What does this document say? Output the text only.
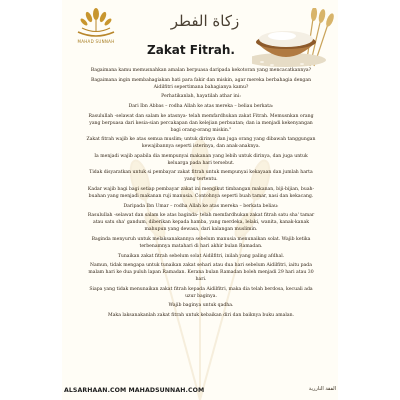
MAHAD SUNNAH
زكاة الفطر
Zakat Fitrah.

Bagaimana kamu memusnahkan amalan berpuasa daripada kekotoran yang mencacatkannya?

Bagaimana ingin membahagiakan hati para fakir dan miskin, agar mereka berbahagia dengan Aidilfitri sepertimana bahagianya kamu?

Perhatikanlah, hayatilah athar ini:

Dari Ibn Abbas – rodha Allah ke atas mereka – beliau berkata:

Rasulullah -selawat dan salam ke atasnya- telah memfardhukan zakat Fitrah. Memusnkan orang yang berpuasa dari kesia-sian percakapan dan kelejian perbuatan; dan ia menjadi kekenyangan bagi orang-orang miskin."

Zakat fitrah wajib ke atas semua muslim; untuk dirinya dan juga orang yang dibawah tanggungan kewajibannya seperti isterinya, dan anak-anaknya.

Ia menjadi wajib apabila dia mempunyai makanan yang lebih untuk dirinya, dan juga untuk keluarga pada hari tersebut.

Tidak disyaratkan untuk si pembayar zakat fitrah untuk mempunyai kekayaan dan jumlah harta yang tertentu.

Kadar wajib bagi bagi setiap pembayar zakat ini mengikut timbangan makanan, biji-bijian, buah-buahan yang menjadi makanan ruji manusia. Contohnya seperti buah tamar, nasi dan kekacang.

Daripada Ibn Umar – rodha Allah ke atas mereka – berkata beliau:

Rasulullah -selawat dan salam ke atas baginda- telah memfardhukan zakat fitrah satu sha' tamar atau satu sha' gandum, diberikan kepada hamba, yang merdeka, lelaki, wanita, kanak-kanak mahupun yang dewasa, dari kalangan muslimin.

Baginda menyuruh untuk melaksanakannya sebelum manusia menunaikan solat. Wajib ketika terbenamnya matahari di hari akhir bulan Ramadan.

Tunaikan zakat fitrah sebelum solat Aidilfitri, inilah yang paling afdhal.

Namun, tidak mengapa untuk tunaikan zakat sehari atau dua hari sebelum Aidilfitri, iaitu pada malam hari ke dua puluh lapan Ramadan. Kerana bulan Ramadan boleh menjadi 29 hari atau 30 hari.

Siapa yang tidak menunaikan zakat fitrah kepada Aidilfitri, maka dia telah berdosa, kecuali ada uzur baginya.

Wajib baginya untuk qadha.

Maka laksanakanlah zakat fitrah untuk kebaikan diri dan baiknya buku amalan.

ALSARHAAN.COM MAHADSUNNAH.COM	الفقة الناررية
